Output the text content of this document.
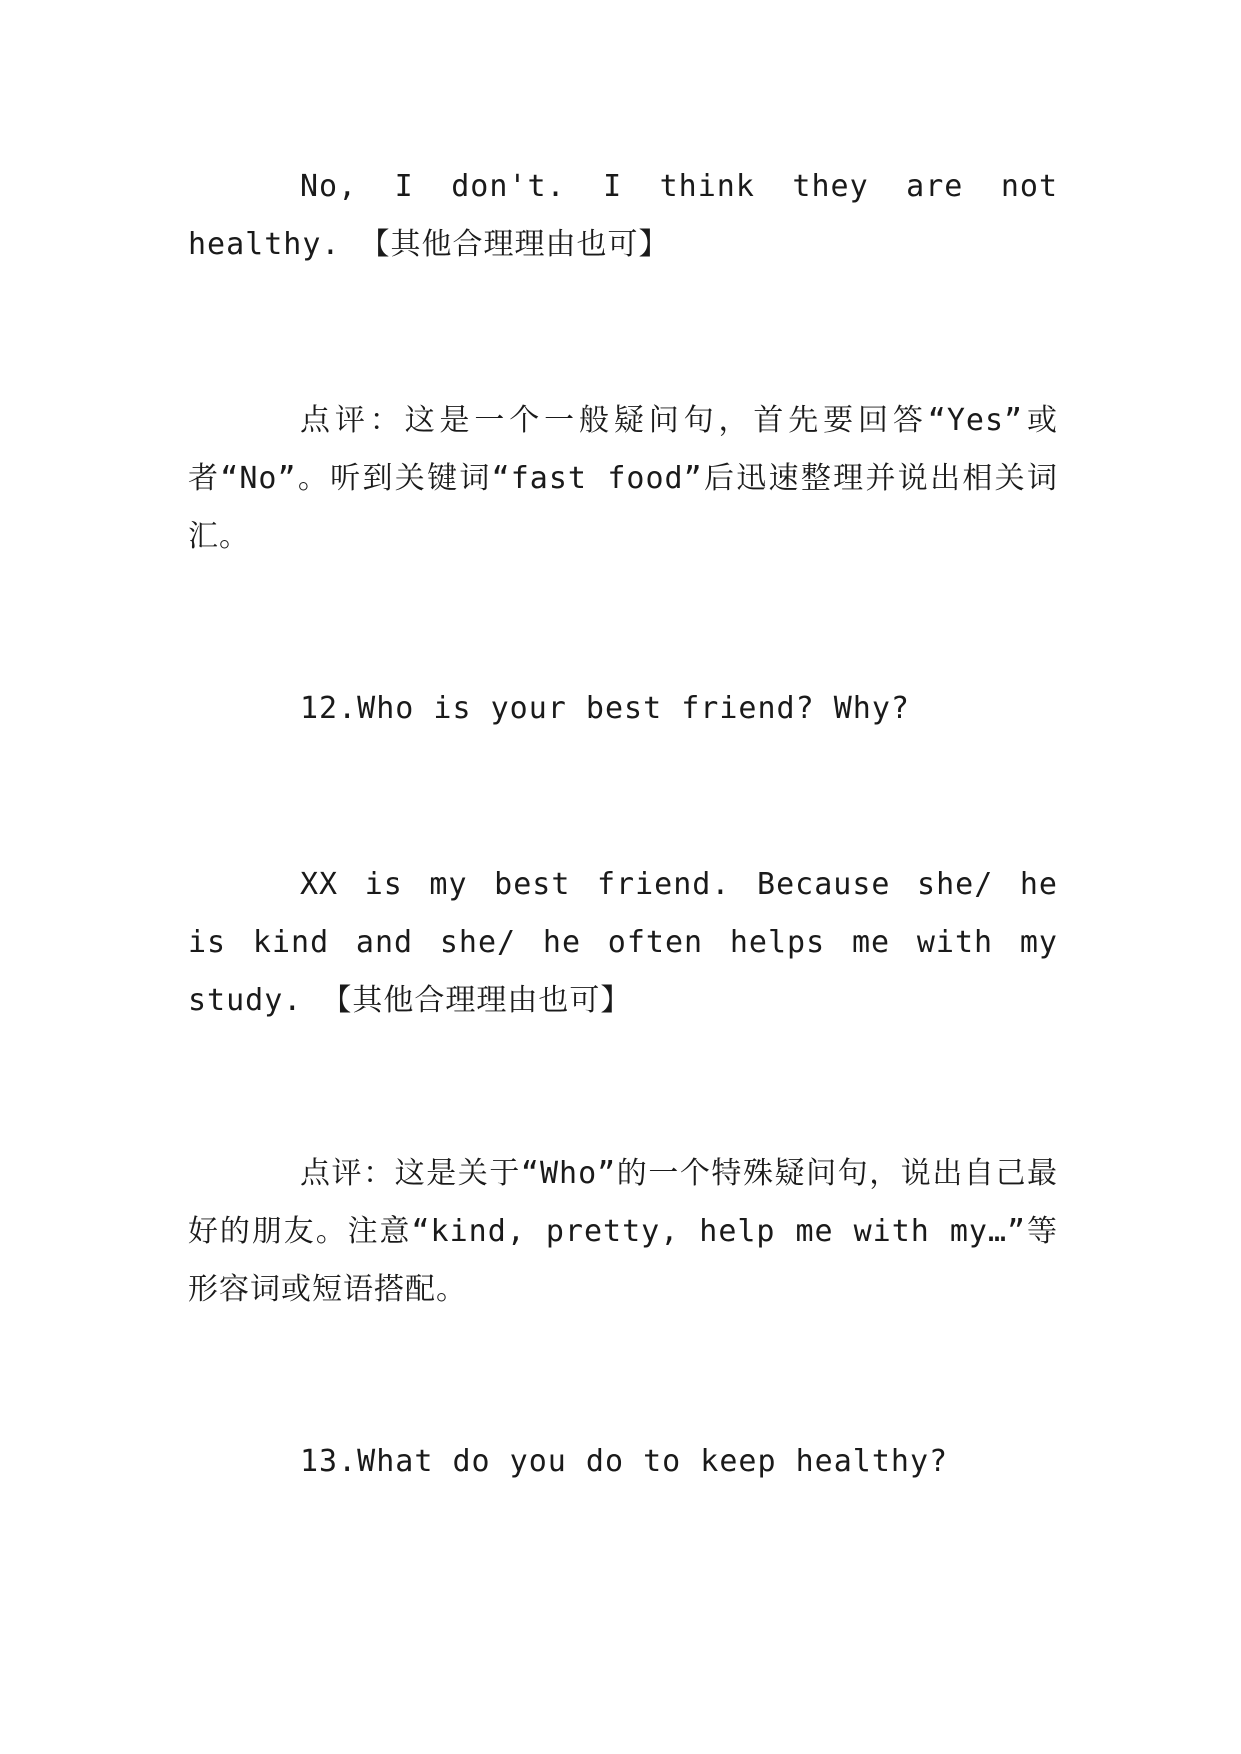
No, I don't. I think they are not healthy. 【其他合理理由也可】

点评：这是一个一般疑问句，首先要回答“Yes”或者“No”。听到关键词“fast food”后迅速整理并说出相关词汇。

12.Who is your best friend? Why?

XX is my best friend. Because she/ he is kind and she/ he often helps me with my study. 【其他合理理由也可】

点评：这是关于“Who”的一个特殊疑问句，说出自己最好的朋友。注意“kind, pretty, help me with my…”等形容词或短语搭配。

13.What do you do to keep healthy?
